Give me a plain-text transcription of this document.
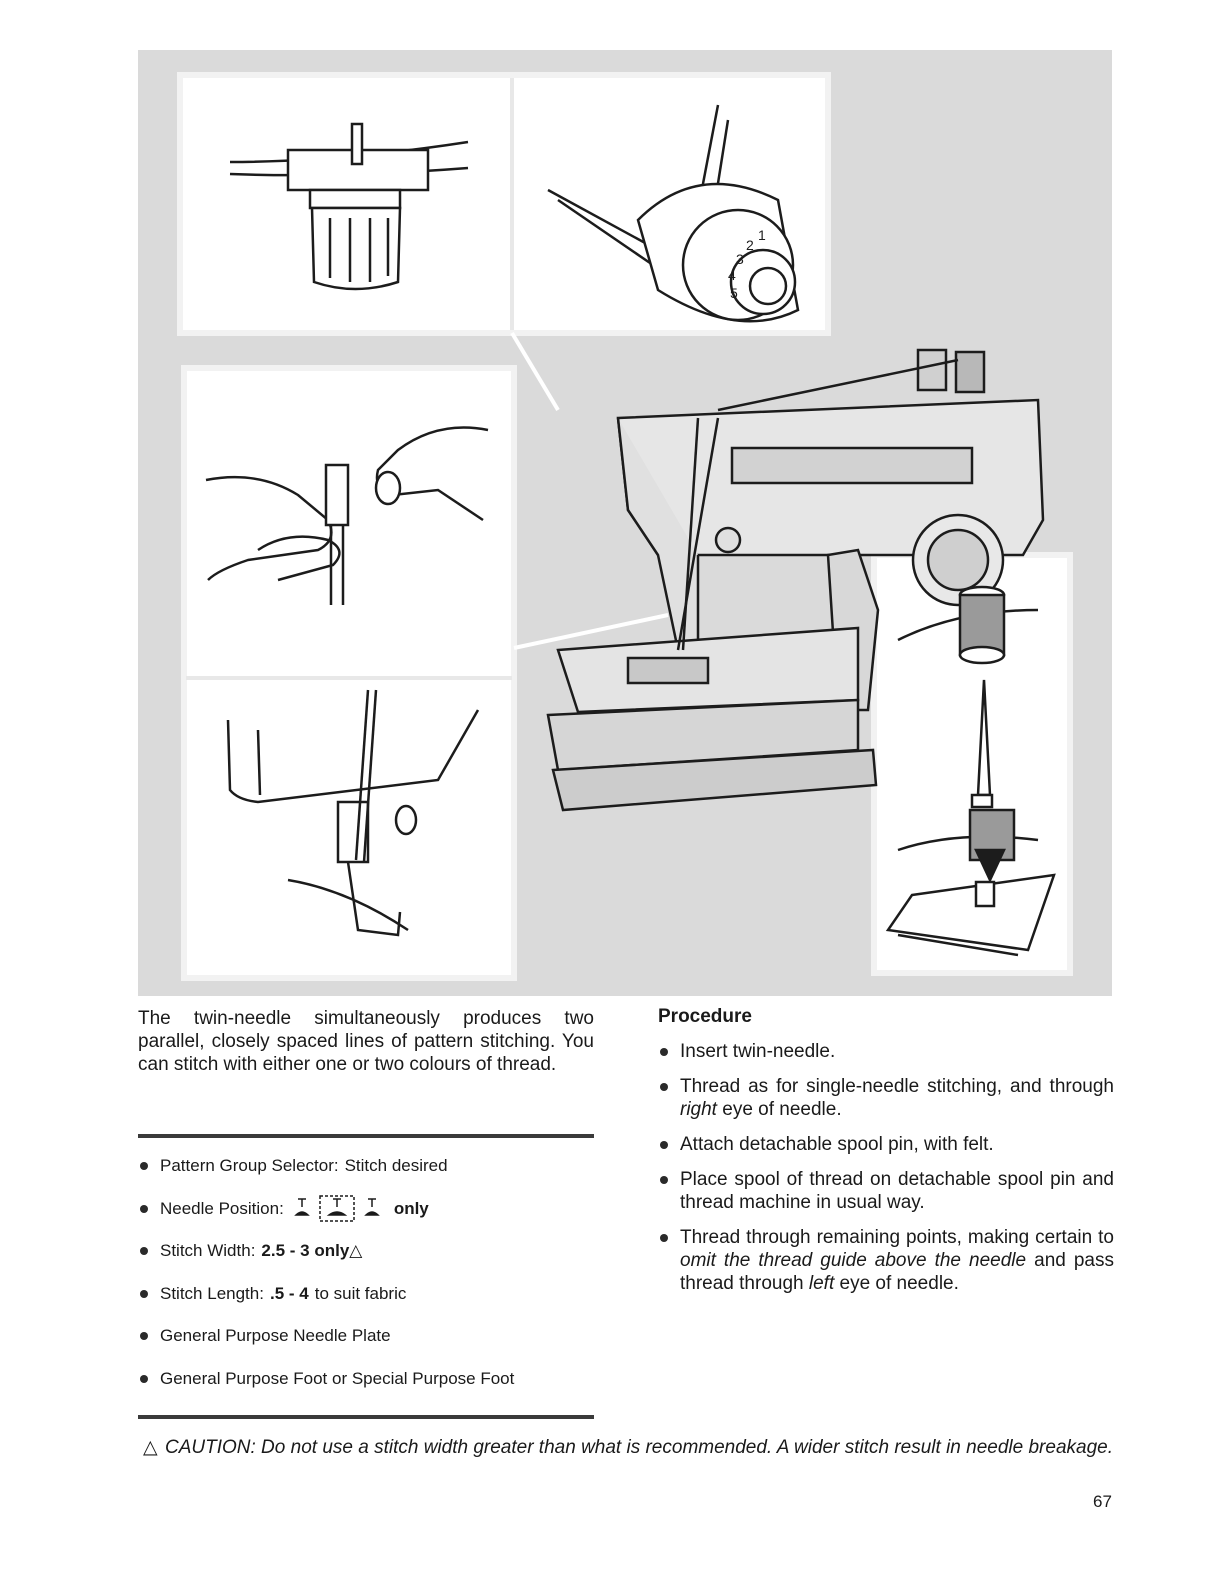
1
2
3
4
5

The twin-needle simultaneously produces two parallel, closely spaced lines of pattern stitching. You can stitch with either one or two colours of thread.

Pattern Group Selector: Stitch desired
Needle Position:	only
Stitch Width: 2.5 - 3 only △
Stitch Length: .5 - 4 to suit fabric
General Purpose Needle Plate
General Purpose Foot or Special Purpose Foot
Procedure
Insert twin-needle.
Thread as for single-needle stitching, and through right eye of needle.
Attach detachable spool pin, with felt.
Place spool of thread on detachable spool pin and thread machine in usual way.
Thread through remaining points, making certain to omit the thread guide above the needle and pass thread through left eye of needle.

△ CAUTION: Do not use a stitch width greater than what is recommended. A wider stitch result in needle breakage.

67
